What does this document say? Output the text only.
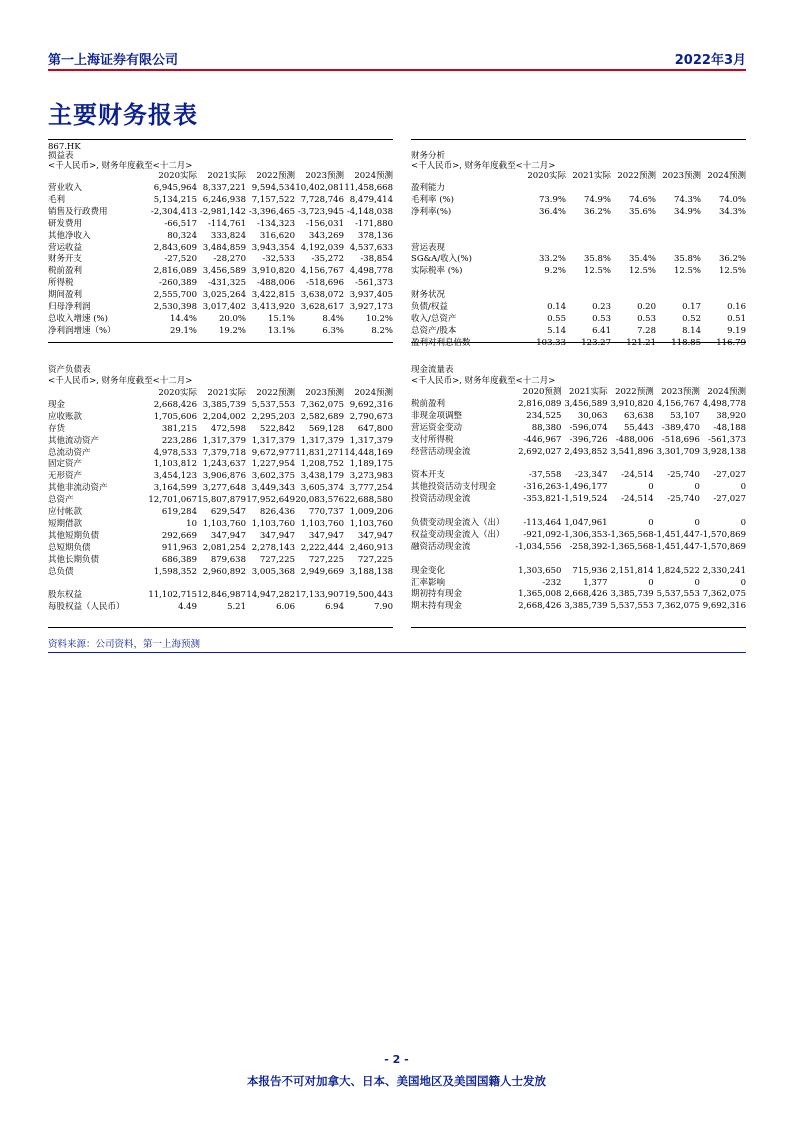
第一上海证券有限公司	2022年3月
主要财务报表
867.HK
损益表
<千人民币>, 财务年度截至<十二月>
	2020实际	2021实际	2022预测	2023预测	2024预测
营业收入	6,945,964	8,337,221	9,594,534	10,402,081	11,458,668
毛利	5,134,215	6,246,938	7,157,522	7,728,746	8,479,414
销售及行政费用	-2,304,413	-2,981,142	-3,396,465	-3,723,945	-4,148,038
研发费用	-66,517	-114,761	-134,323	-156,031	-171,880
其他净收入	80,324	333,824	316,620	343,269	378,136
营运收益	2,843,609	3,484,859	3,943,354	4,192,039	4,537,633
财务开支	-27,520	-28,270	-32,533	-35,272	-38,854
税前盈利	2,816,089	3,456,589	3,910,820	4,156,767	4,498,778
所得税	-260,389	-431,325	-488,006	-518,696	-561,373
期间盈利	2,555,700	3,025,264	3,422,815	3,638,072	3,937,405
归母净利润	2,530,398	3,017,402	3,413,920	3,628,617	3,927,173
总收入增速 (%)	14.4%	20.0%	15.1%	8.4%	10.2%
净利润增速（%）	29.1%	19.2%	13.1%	6.3%	8.2%
财务分析
<千人民币>, 财务年度截至<十二月>
	2020实际	2021实际	2022预测	2023预测	2024预测
盈利能力					
毛利率 (%)	73.9%	74.9%	74.6%	74.3%	74.0%
净利率(%)	36.4%	36.2%	35.6%	34.9%	34.3%

营运表现					
SG&A/收入(%)	33.2%	35.8%	35.4%	35.8%	36.2%
实际税率 (%)	9.2%	12.5%	12.5%	12.5%	12.5%

财务状况					
负债/权益	0.14	0.23	0.20	0.17	0.16
收入/总资产	0.55	0.53	0.53	0.52	0.51
总资产/股本	5.14	6.41	7.28	8.14	9.19

资产负债表
<千人民币>, 财务年度截至<十二月>					
	2020实际	2021实际	2022预测	2023预测	2024预测
现金	2,668,426	3,385,739	5,537,553	7,362,075	9,692,316
应收账款	1,705,606	2,204,002	2,295,203	2,582,689	2,790,673
存货	381,215	472,598	522,842	569,128	647,800
其他流动资产	223,286	1,317,379	1,317,379	1,317,379	1,317,379
总流动资产	4,978,533	7,379,718	9,672,977	11,831,271	14,448,169
固定资产	1,103,812	1,243,637	1,227,954	1,208,752	1,189,175
无形资产	3,454,123	3,906,876	3,602,375	3,438,179	3,273,983
其他非流动资产	3,164,599	3,277,648	3,449,343	3,605,374	3,777,254
总资产	12,701,067	15,807,879	17,952,649	20,083,576	22,688,580
应付帐款	619,284	629,547	826,436	770,737	1,009,206
短期借款	10	1,103,760	1,103,760	1,103,760	1,103,760
其他短期负债	292,669	347,947	347,947	347,947	347,947
总短期负债	911,963	2,081,254	2,278,143	2,222,444	2,460,913
其他长期负债	686,389	879,638	727,225	727,225	727,225
总负债	1,598,352	2,960,892	3,005,368	2,949,669	3,188,138

股东权益	11,102,715	12,846,987	14,947,282	17,133,907	19,500,443
每股权益（人民币）	4.49	5.21	6.06	6.94	7.90
现金流量表
<千人民币>, 财务年度截至<十二月>
	2020预测	2021实际	2022预测	2023预测	2024预测
税前盈利	2,816,089	3,456,589	3,910,820	4,156,767	4,498,778
非现金项调整	234,525	30,063	63,638	53,107	38,920
营运资金变动	88,380	-596,074	55,443	-389,470	-48,188
支付所得税	-446,967	-396,726	-488,006	-518,696	-561,373
经营活动现金流	2,692,027	2,493,852	3,541,896	3,301,709	3,928,138

资本开支	-37,558	-23,347	-24,514	-25,740	-27,027
其他投资活动支付现金	-316,263	-1,496,177	0	0	0
投资活动现金流	-353,821	-1,519,524	-24,514	-25,740	-27,027

负债变动现金流入（出）	-113,464	1,047,961	0	0	0
权益变动现金流入（出）	-921,092	-1,306,353	-1,365,568	-1,451,447	-1,570,869
融资活动现金流	-1,034,556	-258,392	-1,365,568	-1,451,447	-1,570,869

现金变化	1,303,650	715,936	2,151,814	1,824,522	2,330,241
汇率影响	-232	1,377	0	0	0
期初持有现金	1,365,008	2,668,426	3,385,739	5,537,553	7,362,075
期末持有现金	2,668,426	3,385,739	5,537,553	7,362,075	9,692,316
资料来源：公司资料，第一上海预测
- 2 -
本报告不可对加拿大、日本、美国地区及美国国籍人士发放
